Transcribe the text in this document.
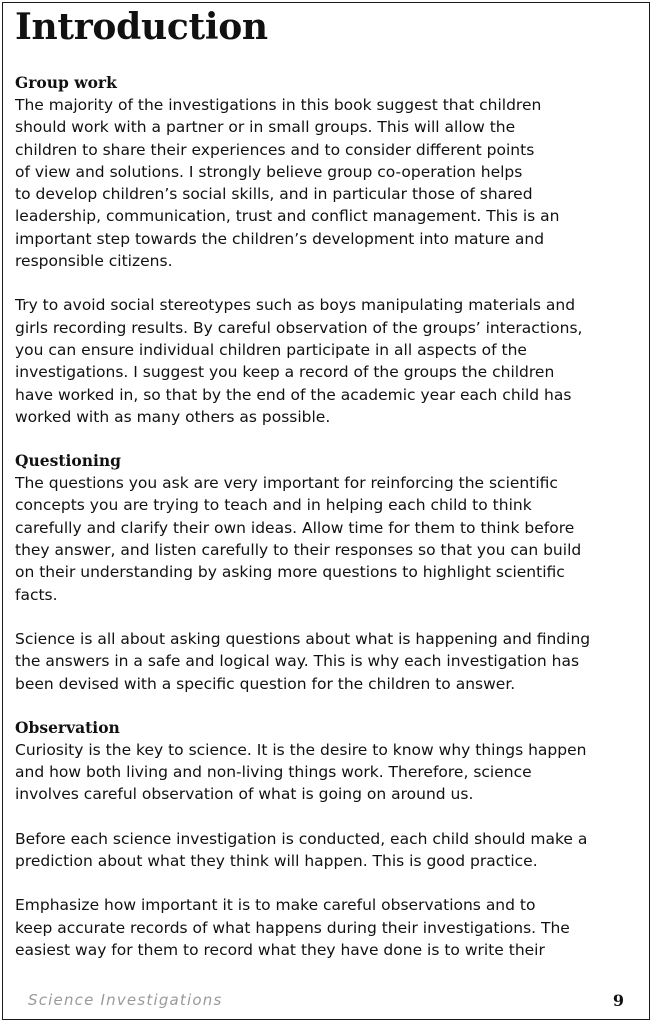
Introduction
Group work

The majority of the investigations in this book suggest that children
should work with a partner or in small groups. This will allow the
children to share their experiences and to consider different points
of view and solutions. I strongly believe group co-operation helps
to develop children’s social skills, and in particular those of shared
leadership, communication, trust and conflict management. This is an
important step towards the children’s development into mature and
responsible citizens.

Try to avoid social stereotypes such as boys manipulating materials and
girls recording results. By careful observation of the groups’ interactions,
you can ensure individual children participate in all aspects of the
investigations. I suggest you keep a record of the groups the children
have worked in, so that by the end of the academic year each child has
worked with as many others as possible.

Questioning

The questions you ask are very important for reinforcing the scientific
concepts you are trying to teach and in helping each child to think
carefully and clarify their own ideas. Allow time for them to think before
they answer, and listen carefully to their responses so that you can build
on their understanding by asking more questions to highlight scientific
facts.

Science is all about asking questions about what is happening and finding
the answers in a safe and logical way. This is why each investigation has
been devised with a specific question for the children to answer.

Observation

Curiosity is the key to science. It is the desire to know why things happen
and how both living and non-living things work. Therefore, science
involves careful observation of what is going on around us.

Before each science investigation is conducted, each child should make a
prediction about what they think will happen. This is good practice.

Emphasize how important it is to make careful observations and to
keep accurate records of what happens during their investigations. The
easiest way for them to record what they have done is to write their

Science Investigations	9
